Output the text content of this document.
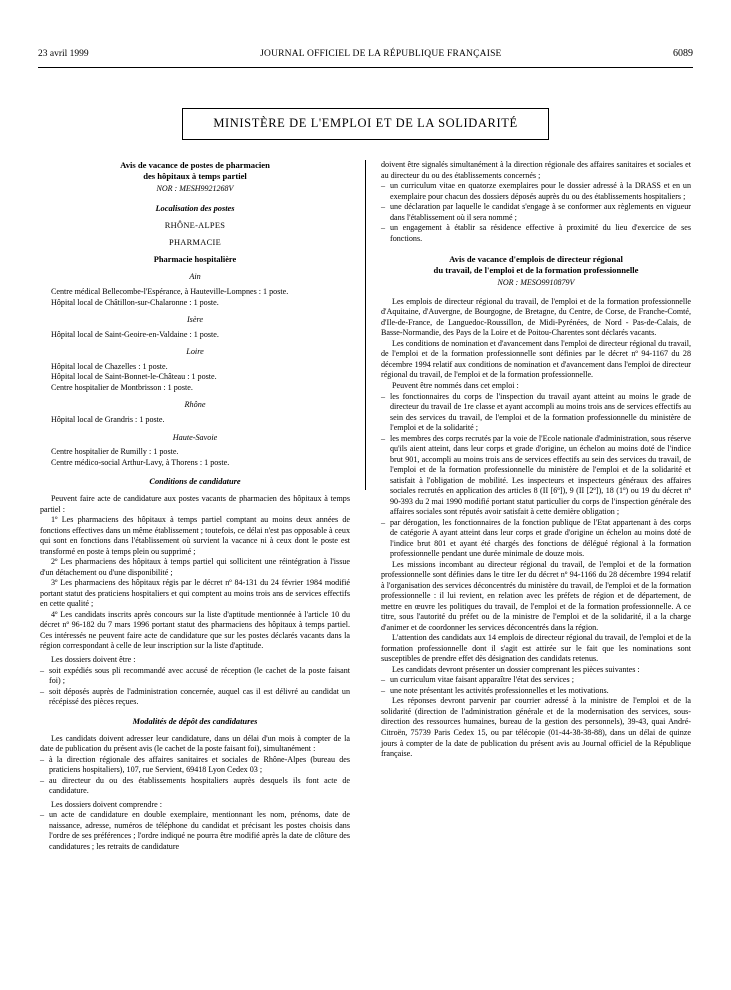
23 avril 1999	JOURNAL OFFICIEL DE LA RÉPUBLIQUE FRANÇAISE	6089
MINISTÈRE DE L'EMPLOI ET DE LA SOLIDARITÉ
Avis de vacance de postes de pharmacien
des hôpitaux à temps partiel
NOR : MESH9921268V
Localisation des postes
RHÔNE-ALPES
PHARMACIE
Pharmacie hospitalière
Ain

Centre médical Bellecombe-l'Espérance, à Hauteville-Lompnes : 1 poste.

Hôpital local de Châtillon-sur-Chalaronne : 1 poste.

Isère

Hôpital local de Saint-Geoire-en-Valdaine : 1 poste.

Loire

Hôpital local de Chazelles : 1 poste.

Hôpital local de Saint-Bonnet-le-Château : 1 poste.

Centre hospitalier de Montbrisson : 1 poste.

Rhône

Hôpital local de Grandris : 1 poste.

Haute-Savoie

Centre hospitalier de Rumilly : 1 poste.

Centre médico-social Arthur-Lavy, à Thorens : 1 poste.

Conditions de candidature

Peuvent faire acte de candidature aux postes vacants de pharmacien des hôpitaux à temps partiel :

1º Les pharmaciens des hôpitaux à temps partiel comptant au moins deux années de fonctions effectives dans un même établissement ; toutefois, ce délai n'est pas opposable à ceux qui sont en fonctions dans l'établissement où survient la vacance ni à ceux dont le poste est transformé en poste à temps plein ou supprimé ;

2º Les pharmaciens des hôpitaux à temps partiel qui sollicitent une réintégration à l'issue d'un détachement ou d'une disponibilité ;

3º Les pharmaciens des hôpitaux régis par le décret nº 84-131 du 24 février 1984 modifié portant statut des praticiens hospitaliers et qui comptent au moins trois ans de services effectifs en cette qualité ;

4º Les candidats inscrits après concours sur la liste d'aptitude mentionnée à l'article 10 du décret nº 96-182 du 7 mars 1996 portant statut des pharmaciens des hôpitaux à temps partiel. Ces intéressés ne peuvent faire acte de candidature que sur les postes déclarés vacants dans la région correspondant à celle de leur inscription sur la liste d'aptitude.

Les dossiers doivent être :

– soit expédiés sous pli recommandé avec accusé de réception (le cachet de la poste faisant foi) ;

– soit déposés auprès de l'administration concernée, auquel cas il est délivré au candidat un récépissé des pièces reçues.

Modalités de dépôt des candidatures

Les candidats doivent adresser leur candidature, dans un délai d'un mois à compter de la date de publication du présent avis (le cachet de la poste faisant foi), simultanément :

– à la direction régionale des affaires sanitaires et sociales de Rhône-Alpes (bureau des praticiens hospitaliers), 107, rue Servient, 69418 Lyon Cedex 03 ;

– au directeur du ou des établissements hospitaliers auprès desquels ils font acte de candidature.

Les dossiers doivent comprendre :

– un acte de candidature en double exemplaire, mentionnant les nom, prénoms, date de naissance, adresse, numéros de téléphone du candidat et précisant les postes choisis dans l'ordre de ses préférences ; l'ordre indiqué ne pourra être modifié après la date de clôture des candidatures ; les retraits de candidature

doivent être signalés simultanément à la direction régionale des affaires sanitaires et sociales et au directeur du ou des établissements concernés ;

– un curriculum vitae en quatorze exemplaires pour le dossier adressé à la DRASS et en un exemplaire pour chacun des dossiers déposés auprès du ou des établissements hospitaliers ;

– une déclaration par laquelle le candidat s'engage à se conformer aux règlements en vigueur dans l'établissement où il sera nommé ;

– un engagement à établir sa résidence effective à proximité du lieu d'exercice de ses fonctions.

Avis de vacance d'emplois de directeur régional
du travail, de l'emploi et de la formation professionnelle
NOR : MESO9910879V

Les emplois de directeur régional du travail, de l'emploi et de la formation professionnelle d'Aquitaine, d'Auvergne, de Bourgogne, de Bretagne, du Centre, de Corse, de Franche-Comté, d'Ile-de-France, de Languedoc-Roussillon, de Midi-Pyrénées, de Nord - Pas-de-Calais, de Basse-Normandie, des Pays de la Loire et de Poitou-Charentes sont déclarés vacants.

Les conditions de nomination et d'avancement dans l'emploi de directeur régional du travail, de l'emploi et de la formation professionnelle sont définies par le décret nº 94-1167 du 28 décembre 1994 relatif aux conditions de nomination et d'avancement dans l'emploi de directeur régional du travail, de l'emploi et de la formation professionnelle.

Peuvent être nommés dans cet emploi :

– les fonctionnaires du corps de l'inspection du travail ayant atteint au moins le grade de directeur du travail de 1re classe et ayant accompli au moins trois ans de services effectifs au sein des services du travail, de l'emploi et de la formation professionnelle du ministère de l'emploi et de la solidarité ;

– les membres des corps recrutés par la voie de l'Ecole nationale d'administration, sous réserve qu'ils aient atteint, dans leur corps et grade d'origine, un échelon au moins doté de l'indice brut 901, accompli au moins trois ans de services effectifs au sein des services du travail, de l'emploi et de la formation professionnelle du ministère de l'emploi et de la solidarité et satisfait à l'obligation de mobilité. Les inspecteurs et inspecteurs généraux des affaires sociales recrutés en application des articles 8 (II [6º]), 9 (II [2º]), 18 (1º) ou 19 du décret nº 90-393 du 2 mai 1990 modifié portant statut particulier du corps de l'inspection générale des affaires sociales sont réputés avoir satisfait à cette dernière obligation ;

– par dérogation, les fonctionnaires de la fonction publique de l'Etat appartenant à des corps de catégorie A ayant atteint dans leur corps et grade d'origine un échelon au moins doté de l'indice brut 801 et ayant été chargés des fonctions de délégué régional à la formation professionnelle pendant une durée minimale de douze mois.

Les missions incombant au directeur régional du travail, de l'emploi et de la formation professionnelle sont définies dans le titre Ier du décret nº 94-1166 du 28 décembre 1994 relatif à l'organisation des services déconcentrés du ministère du travail, de l'emploi et de la formation professionnelle : il lui revient, en relation avec les préfets de région et de département, de mettre en œuvre les politiques du travail, de l'emploi et de la formation professionnelle. A ce titre, sous l'autorité du préfet ou de la ministre de l'emploi et de la solidarité, il a la charge d'animer et de coordonner les services déconcentrés dans la région.

L'attention des candidats aux 14 emplois de directeur régional du travail, de l'emploi et de la formation professionnelle dont il s'agit est attirée sur le fait que les nominations sont susceptibles de prendre effet dès désignation des candidats retenus.

Les candidats devront présenter un dossier comprenant les pièces suivantes :

– un curriculum vitae faisant apparaître l'état des services ;

– une note présentant les activités professionnelles et les motivations.

Les réponses devront parvenir par courrier adressé à la ministre de l'emploi et de la solidarité (direction de l'administration générale et de la modernisation des services, sous-direction des ressources humaines, bureau de la gestion des personnels), 39-43, quai André-Citroën, 75739 Paris Cedex 15, ou par télécopie (01-44-38-38-88), dans un délai de quinze jours à compter de la date de publication du présent avis au Journal officiel de la République française.
